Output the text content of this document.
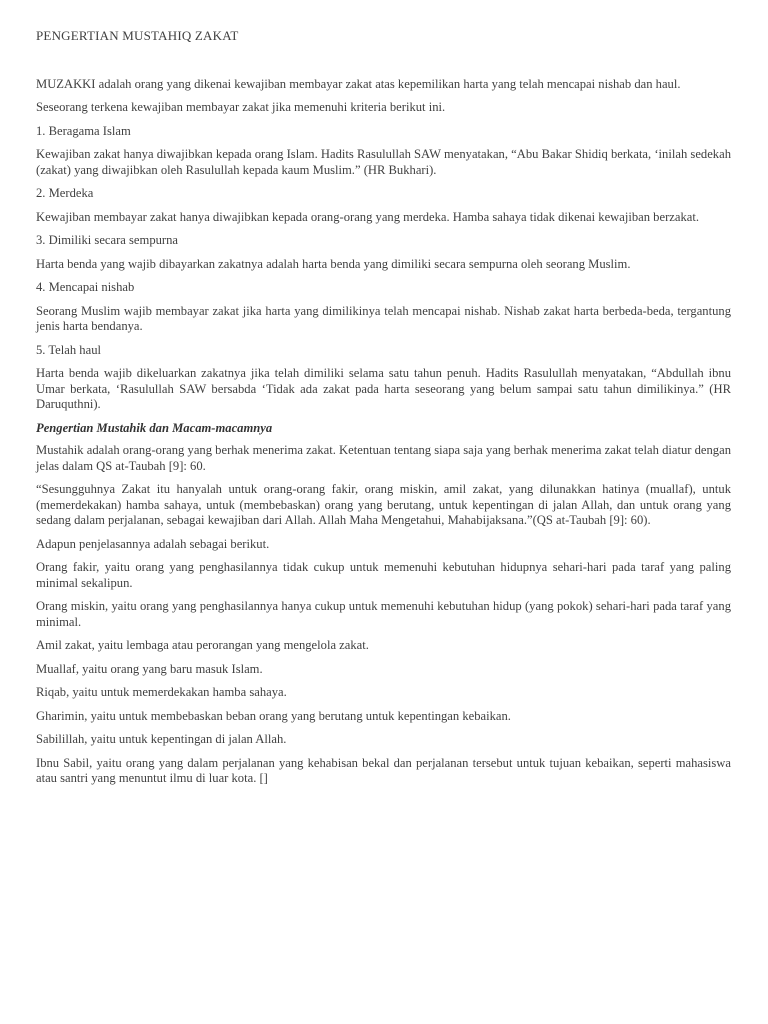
PENGERTIAN MUSTAHIQ ZAKAT

MUZAKKI adalah orang yang dikenai kewajiban membayar zakat atas kepemilikan harta yang telah mencapai nishab dan haul.

Seseorang terkena kewajiban membayar zakat jika memenuhi kriteria berikut ini.

1. Beragama Islam

Kewajiban zakat hanya diwajibkan kepada orang Islam. Hadits Rasulullah SAW menyatakan, “Abu Bakar Shidiq berkata, ‘inilah sedekah (zakat) yang diwajibkan oleh Rasulullah kepada kaum Muslim.” (HR Bukhari).

2. Merdeka

Kewajiban membayar zakat hanya diwajibkan kepada orang-orang yang merdeka. Hamba sahaya tidak dikenai kewajiban berzakat.

3. Dimiliki secara sempurna

Harta benda yang wajib dibayarkan zakatnya adalah harta benda yang dimiliki secara sempurna oleh seorang Muslim.

4. Mencapai nishab

Seorang Muslim wajib membayar zakat jika harta yang dimilikinya telah mencapai nishab. Nishab zakat harta berbeda-beda, tergantung jenis harta bendanya.

5. Telah haul

Harta benda wajib dikeluarkan zakatnya jika telah dimiliki selama satu tahun penuh. Hadits Rasulullah menyatakan, “Abdullah ibnu Umar berkata, ‘Rasulullah SAW bersabda ‘Tidak ada zakat pada harta seseorang yang belum sampai satu tahun dimilikinya.” (HR Daruquthni).

Pengertian Mustahik dan Macam-macamnya

Mustahik adalah orang-orang yang berhak menerima zakat. Ketentuan tentang siapa saja yang berhak menerima zakat telah diatur dengan jelas dalam QS at-Taubah [9]: 60.

“Sesungguhnya Zakat itu hanyalah untuk orang-orang fakir, orang miskin, amil zakat, yang dilunakkan hatinya (muallaf), untuk (memerdekakan) hamba sahaya, untuk (membebaskan) orang yang berutang, untuk kepentingan di jalan Allah, dan untuk orang yang sedang dalam perjalanan, sebagai kewajiban dari Allah. Allah Maha Mengetahui, Mahabijaksana.”(QS at-Taubah [9]: 60).

Adapun penjelasannya adalah sebagai berikut.

Orang fakir, yaitu orang yang penghasilannya tidak cukup untuk memenuhi kebutuhan hidupnya sehari-hari pada taraf yang paling minimal sekalipun.

Orang miskin, yaitu orang yang penghasilannya hanya cukup untuk memenuhi kebutuhan hidup (yang pokok) sehari-hari pada taraf yang minimal.

Amil zakat, yaitu lembaga atau perorangan yang mengelola zakat.

Muallaf, yaitu orang yang baru masuk Islam.

Riqab, yaitu untuk memerdekakan hamba sahaya.

Gharimin, yaitu untuk membebaskan beban orang yang berutang untuk kepentingan kebaikan.

Sabilillah, yaitu untuk kepentingan di jalan Allah.

Ibnu Sabil, yaitu orang yang dalam perjalanan yang kehabisan bekal dan perjalanan tersebut untuk tujuan kebaikan, seperti mahasiswa atau santri yang menuntut ilmu di luar kota. []
